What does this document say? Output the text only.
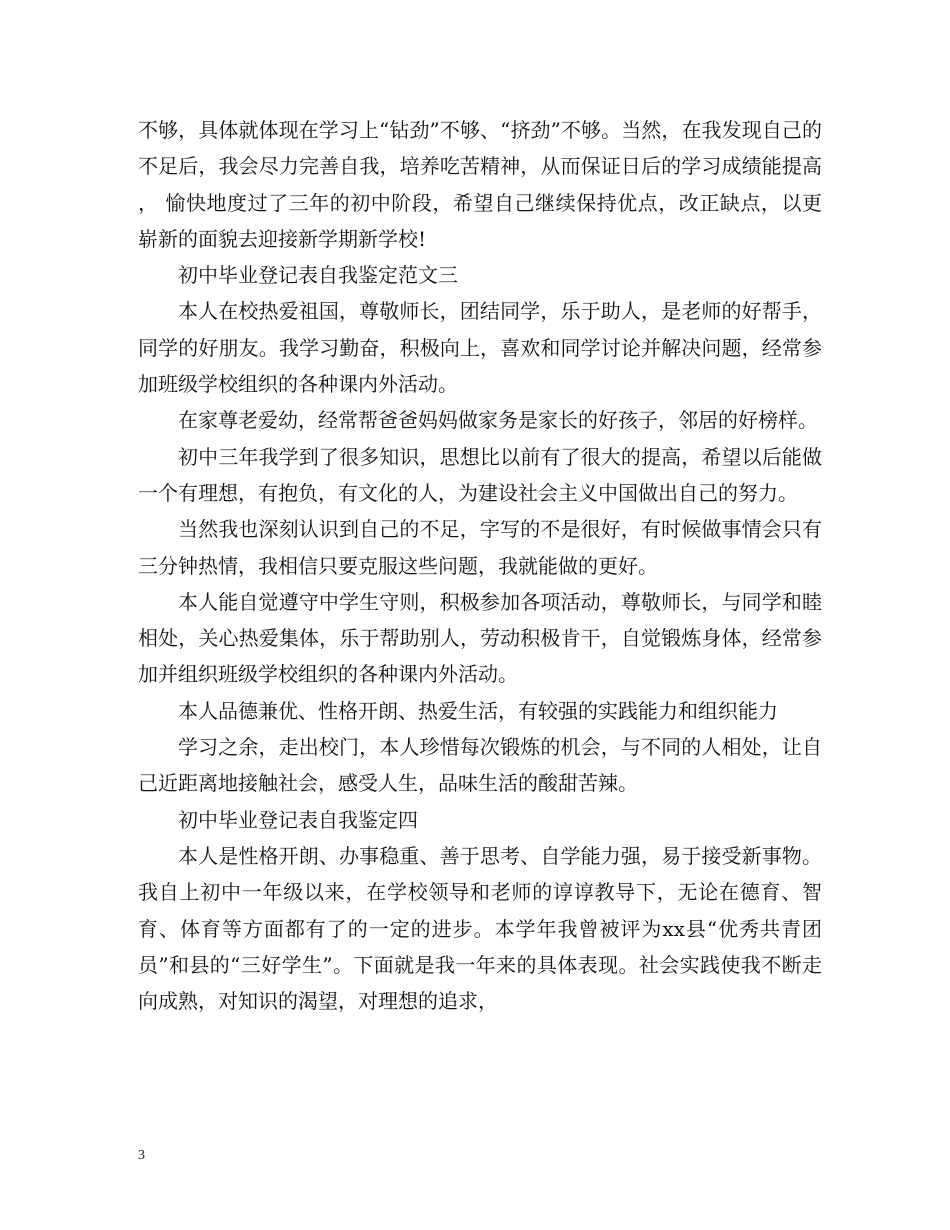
不够，具体就体现在学习上“钻劲”不够、“挤劲”不够。当然，在我发现自己的不足后，我会尽力完善自我，培养吃苦精神，从而保证日后的学习成绩能提高 ， 愉快地度过了三年的初中阶段，希望自己继续保持优点，改正缺点，以更崭新的面貌去迎接新学期新学校!

初中毕业登记表自我鉴定范文三

本人在校热爱祖国，尊敬师长，团结同学，乐于助人，是老师的好帮手，同学的好朋友。我学习勤奋，积极向上，喜欢和同学讨论并解决问题，经常参加班级学校组织的各种课内外活动。

在家尊老爱幼，经常帮爸爸妈妈做家务是家长的好孩子，邻居的好榜样。

初中三年我学到了很多知识，思想比以前有了很大的提高，希望以后能做一个有理想，有抱负，有文化的人，为建设社会主义中国做出自己的努力。

当然我也深刻认识到自己的不足，字写的不是很好，有时候做事情会只有三分钟热情，我相信只要克服这些问题，我就能做的更好。

本人能自觉遵守中学生守则，积极参加各项活动，尊敬师长，与同学和睦相处，关心热爱集体，乐于帮助别人，劳动积极肯干，自觉锻炼身体，经常参加并组织班级学校组织的各种课内外活动。

本人品德兼优、性格开朗、热爱生活，有较强的实践能力和组织能力

学习之余，走出校门，本人珍惜每次锻炼的机会，与不同的人相处，让自己近距离地接触社会，感受人生，品味生活的酸甜苦辣。

初中毕业登记表自我鉴定四

本人是性格开朗、办事稳重、善于思考、自学能力强，易于接受新事物。我自上初中一年级以来，在学校领导和老师的谆谆教导下，无论在德育、智育、体育等方面都有了的一定的进步。本学年我曾被评为xx县“优秀共青团员”和县的“三好学生”。下面就是我一年来的具体表现。社会实践使我不断走向成熟，对知识的渴望，对理想的追求，

3
